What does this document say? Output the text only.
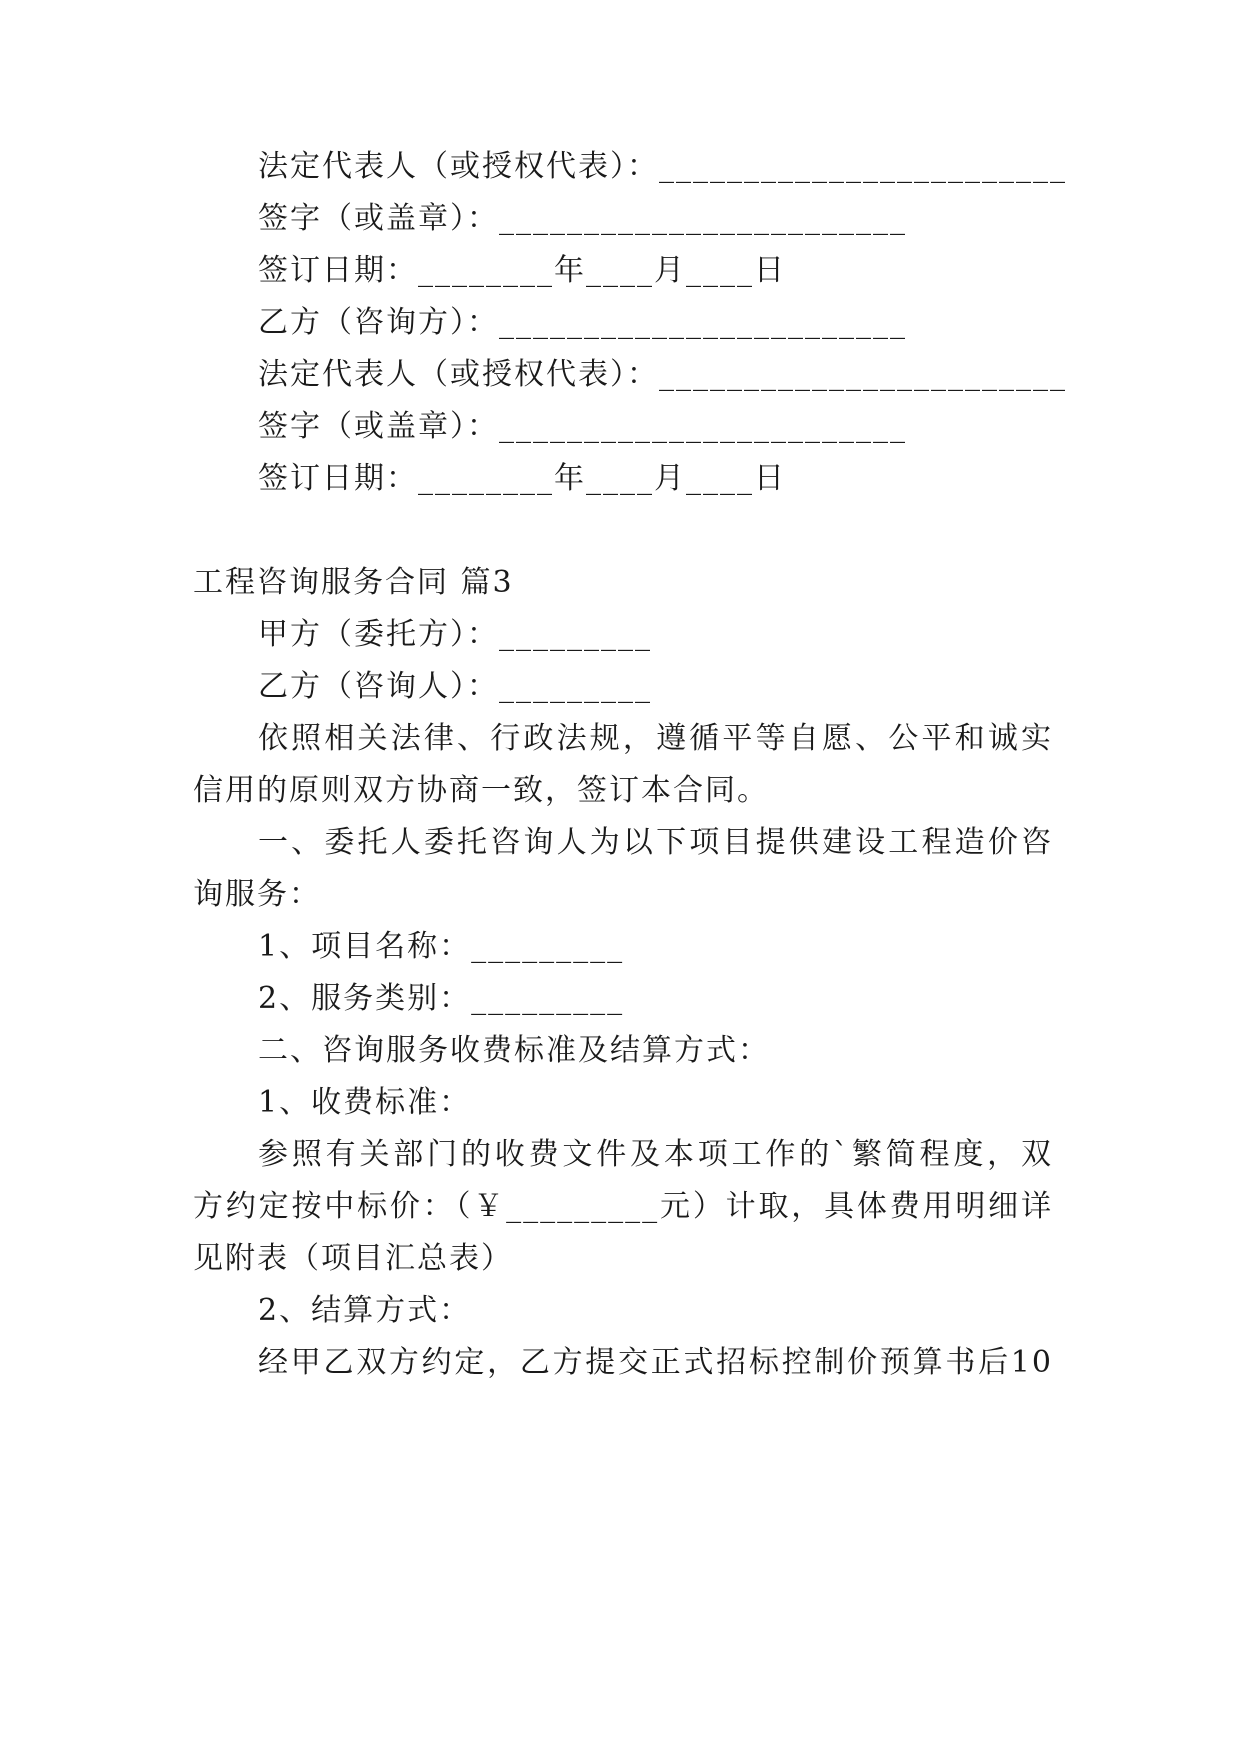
法定代表人（或授权代表）：________________________
签字（或盖章）：________________________
签订日期：________年____月____日
乙方（咨询方）：________________________
法定代表人（或授权代表）：________________________
签字（或盖章）：________________________
签订日期：________年____月____日
工程咨询服务合同 篇3
甲方（委托方）：_________
乙方（咨询人）：_________
依照相关法律、行政法规，遵循平等自愿、公平和诚实
信用的原则双方协商一致，签订本合同。
一、委托人委托咨询人为以下项目提供建设工程造价咨
询服务：
1、项目名称：_________
2、服务类别：_________
二、咨询服务收费标准及结算方式：
1、收费标准：
参照有关部门的收费文件及本项工作的`繁简程度，双
方约定按中标价：（￥_________元）计取，具体费用明细详
见附表（项目汇总表）
2、结算方式：
经甲乙双方约定，乙方提交正式招标控制价预算书后10
